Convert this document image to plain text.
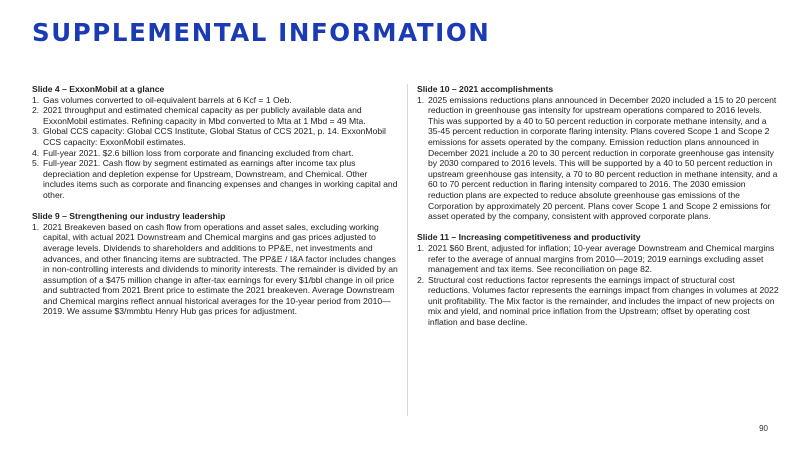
SUPPLEMENTAL INFORMATION
Slide 4 – ExxonMobil at a glance
1. Gas volumes converted to oil-equivalent barrels at 6 Kcf = 1 Oeb.
2. 2021 throughput and estimated chemical capacity as per publicly available data and ExxonMobil estimates. Refining capacity in Mbd converted to Mta at 1 Mbd = 49 Mta.
3. Global CCS capacity: Global CCS Institute, Global Status of CCS 2021, p. 14. ExxonMobil CCS capacity: ExxonMobil estimates.
4. Full-year 2021. $2.6 billion loss from corporate and financing excluded from chart.
5. Full-year 2021. Cash flow by segment estimated as earnings after income tax plus depreciation and depletion expense for Upstream, Downstream, and Chemical. Other includes items such as corporate and financing expenses and changes in working capital and other.
Slide 9 – Strengthening our industry leadership
1. 2021 Breakeven based on cash flow from operations and asset sales, excluding working capital, with actual 2021 Downstream and Chemical margins and gas prices adjusted to average levels. Dividends to shareholders and additions to PP&E, net investments and advances, and other financing items are subtracted. The PP&E / I&A factor includes changes in non-controlling interests and dividends to minority interests. The remainder is divided by an assumption of a $475 million change in after-tax earnings for every $1/bbl change in oil price and subtracted from 2021 Brent price to estimate the 2021 breakeven. Average Downstream and Chemical margins reflect annual historical averages for the 10-year period from 2010—2019. We assume $3/mmbtu Henry Hub gas prices for adjustment.
Slide 10 – 2021 accomplishments
1. 2025 emissions reductions plans announced in December 2020 included a 15 to 20 percent reduction in greenhouse gas intensity for upstream operations compared to 2016 levels. This was supported by a 40 to 50 percent reduction in corporate methane intensity, and a 35-45 percent reduction in corporate flaring intensity. Plans covered Scope 1 and Scope 2 emissions for assets operated by the company. Emission reduction plans announced in December 2021 include a 20 to 30 percent reduction in corporate greenhouse gas intensity by 2030 compared to 2016 levels. This will be supported by a 40 to 50 percent reduction in upstream greenhouse gas intensity, a 70 to 80 percent reduction in methane intensity, and a 60 to 70 percent reduction in flaring intensity compared to 2016. The 2030 emission reduction plans are expected to reduce absolute greenhouse gas emissions of the Corporation by approximately 20 percent. Plans cover Scope 1 and Scope 2 emissions for asset operated by the company, consistent with approved corporate plans.
Slide 11 – Increasing competitiveness and productivity
1. 2021 $60 Brent, adjusted for inflation; 10-year average Downstream and Chemical margins refer to the average of annual margins from 2010—2019; 2019 earnings excluding asset management and tax items. See reconciliation on page 82.
2. Structural cost reductions factor represents the earnings impact of structural cost reductions. Volumes factor represents the earnings impact from changes in volumes at 2022 unit profitability. The Mix factor is the remainder, and includes the impact of new projects on mix and yield, and nominal price inflation from the Upstream; offset by operating cost inflation and base decline.
90
